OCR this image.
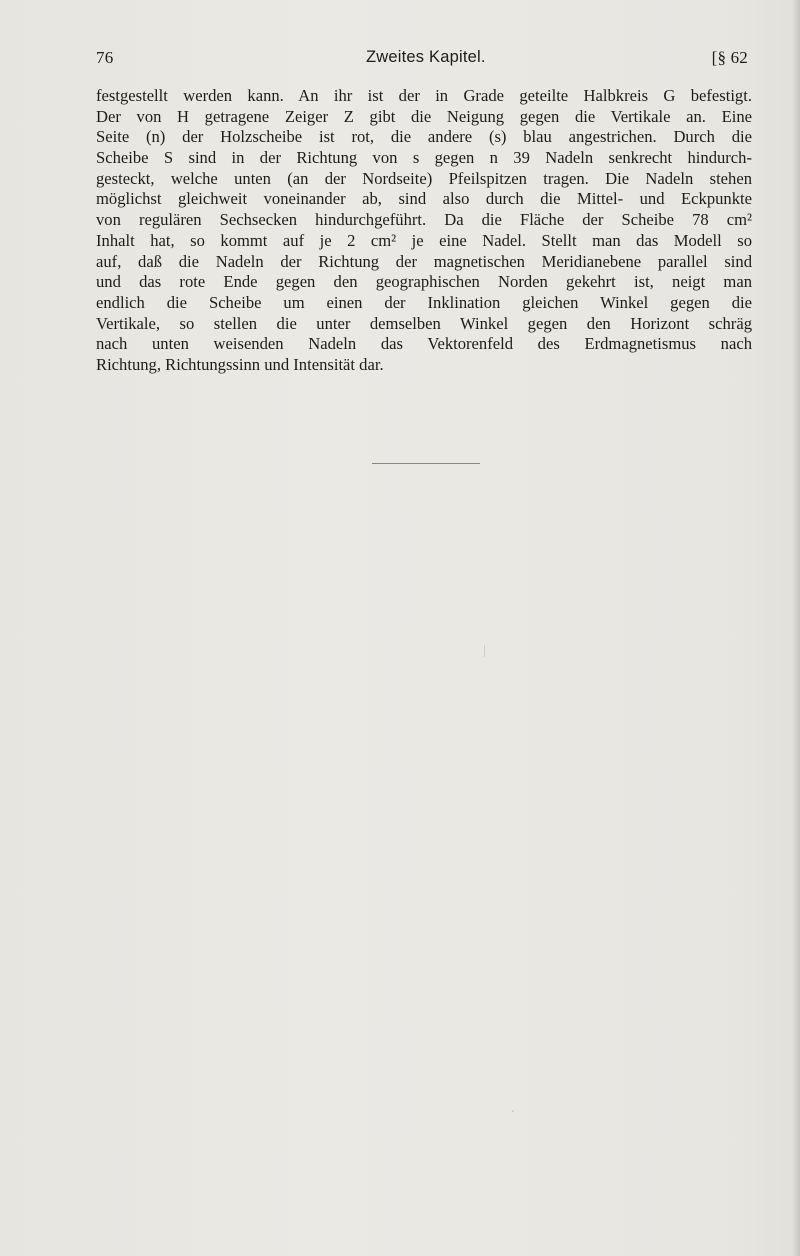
76	Zweites Kapitel.	[§ 62
festgestellt werden kann. An ihr ist der in Grade geteilte Halbkreis G befestigt.
Der von H getragene Zeiger Z gibt die Neigung gegen die Vertikale an. Eine
Seite (n) der Holzscheibe ist rot, die andere (s) blau angestrichen. Durch die
Scheibe S sind in der Richtung von s gegen n 39 Nadeln senkrecht hindurch-
gesteckt, welche unten (an der Nordseite) Pfeilspitzen tragen. Die Nadeln stehen
möglichst gleichweit voneinander ab, sind also durch die Mittel- und Eckpunkte
von regulären Sechsecken hindurchgeführt. Da die Fläche der Scheibe 78 cm²
Inhalt hat, so kommt auf je 2 cm² je eine Nadel. Stellt man das Modell so
auf, daß die Nadeln der Richtung der magnetischen Meridianebene parallel sind
und das rote Ende gegen den geographischen Norden gekehrt ist, neigt man
endlich die Scheibe um einen der Inklination gleichen Winkel gegen die
Vertikale, so stellen die unter demselben Winkel gegen den Horizont schräg
nach unten weisenden Nadeln das Vektorenfeld des Erdmagnetismus nach
Richtung, Richtungssinn und Intensität dar.
